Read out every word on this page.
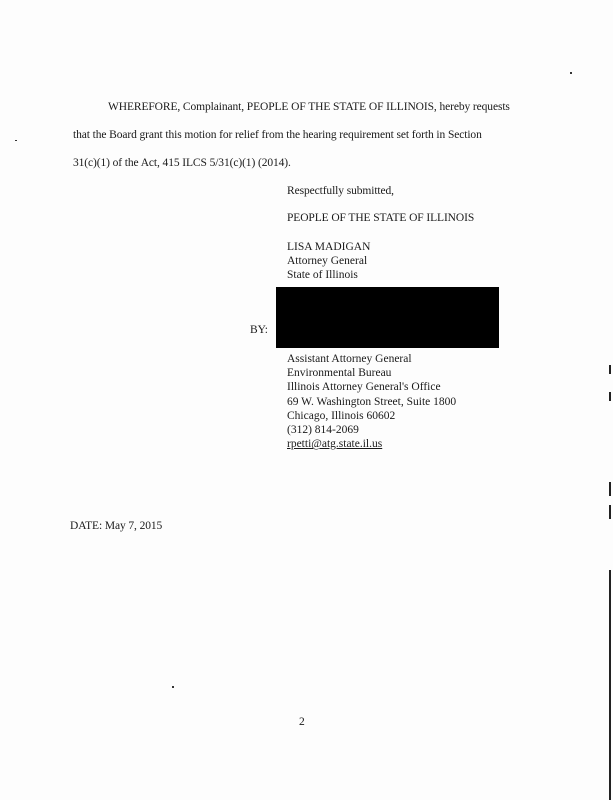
WHEREFORE, Complainant, PEOPLE OF THE STATE OF ILLINOIS, hereby requests
that the Board grant this motion for relief from the hearing requirement set forth in Section
31(c)(1) of the Act, 415 ILCS 5/31(c)(1) (2014).
Respectfully submitted,
PEOPLE OF THE STATE OF ILLINOIS
LISA MADIGAN
Attorney General
State of Illinois
BY:
Assistant Attorney General
Environmental Bureau
Illinois Attorney General's Office
69 W. Washington Street, Suite 1800
Chicago, Illinois 60602
(312) 814-2069
rpetti@atg.state.il.us
DATE: May 7, 2015
2
